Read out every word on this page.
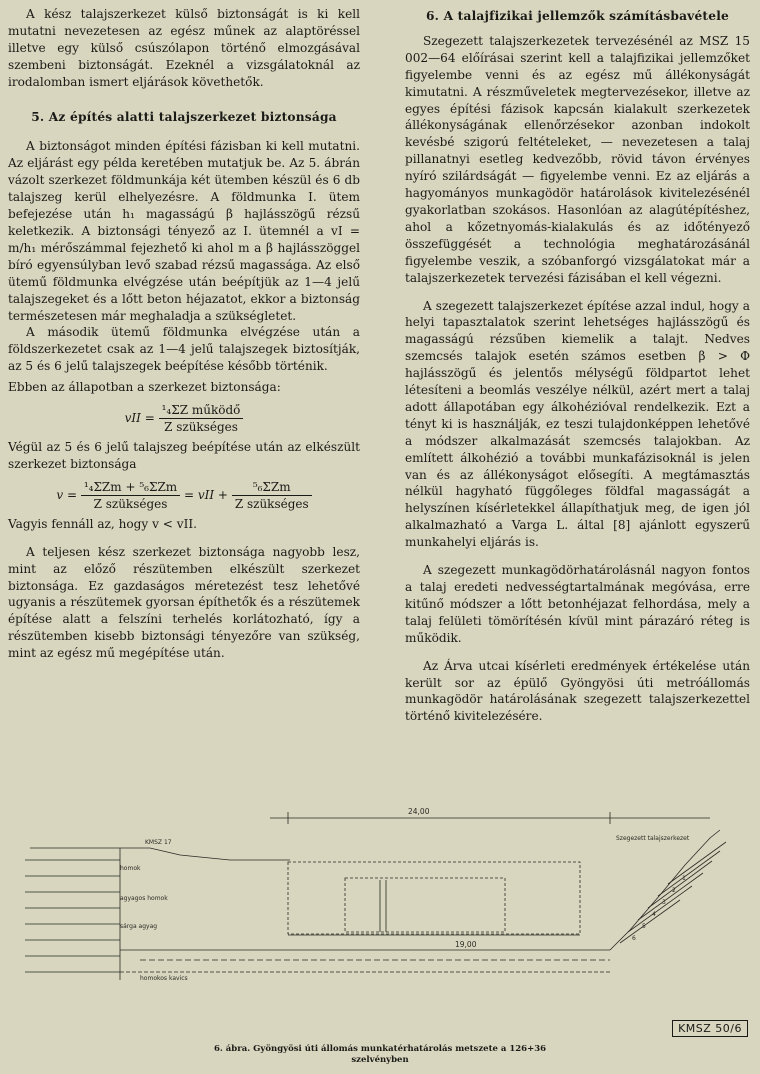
A kész talajszerkezet külső biztonságát is ki kell mutatni nevezetesen az egész műnek az alaptöréssel illetve egy külső csúszólapon történő elmozgásával szembeni biztonságát. Ezeknél a vizsgálatoknál az irodalomban ismert eljárások követhetők.

5. Az építés alatti talajszerkezet biztonsága

A biztonságot minden építési fázisban ki kell mutatni. Az eljárást egy példa keretében mutatjuk be. Az 5. ábrán vázolt szerkezet földmunkája két ütemben készül és 6 db talajszeg kerül elhelyezésre. A földmunka I. ütem befejezése után h₁ magasságú β hajlásszögű rézsű keletkezik. A biztonsági tényező az I. ütemnél a vI = m/h₁ mérőszámmal fejezhető ki ahol m a β hajlásszöggel bíró egyensúlyban levő szabad rézsű magassága. Az első ütemű földmunka elvégzése után beépítjük az 1—4 jelű talajszegeket és a lőtt beton héjazatot, ekkor a biztonság természetesen már meghaladja a szükségletet.

A második ütemű földmunka elvégzése után a földszerkezetet csak az 1—4 jelű talajszegek biztosítják, az 5 és 6 jelű talajszegek beépítése később történik.

Ebben az állapotban a szerkezet biztonsága:

vII = $\frac{\text{¹₄ΣZ működő}}{\text{Z szükséges}}$

Végül az 5 és 6 jelű talajszeg beépítése után az elkészült szerkezet biztonsága

$v = \frac{\text{¹₄ΣZm + ⁵₆ΣZm}}{\text{Z szükséges}}$ = vII + $\frac{\text{⁵₆ΣZm}}{\text{Z szükséges}}$

Vagyis fennáll az, hogy v < vII.

A teljesen kész szerkezet biztonsága nagyobb lesz, mint az előző részütemben elkészült szerkezet biztonsága. Ez gazdaságos méretezést tesz lehetővé ugyanis a részütemek gyorsan építhetők és a részütemek építése alatt a felszíni terhelés korlátozható, így a részütemben kisebb biztonsági tényezőre van szükség, mint az egész mű megépítése után.

6. A talajfizikai jellemzők számításbavétele

Szegezett talajszerkezetek tervezésénél az MSZ 15 002—64 előírásai szerint kell a talajfizikai jellemzőket figyelembe venni és az egész mű állékonyságát kimutatni. A részműveletek megtervezésekor, illetve az egyes építési fázisok kapcsán kialakult szerkezetek állékonyságának ellenőrzésekor azonban indokolt kevésbé szigorú feltételeket, — nevezetesen a talaj pillanatnyi esetleg kedvezőbb, rövid távon érvényes nyíró szilárdságát — figyelembe venni. Ez az eljárás a hagyományos munkagödör határolások kivitelezésénél gyakorlatban szokásos. Hasonlóan az alagútépítéshez, ahol a kőzetnyomás-kialakulás és az időtényező összefüggését a technológia meghatározásánál figyelembe veszik, a szóbanforgó vizsgálatokat már a talajszerkezetek tervezési fázisában el kell végezni.

A szegezett talajszerkezet építése azzal indul, hogy a helyi tapasztalatok szerint lehetséges hajlásszögű és magasságú rézsűben kiemelik a talajt. Nedves szemcsés talajok esetén számos esetben β > Φ hajlásszögű és jelentős mélységű földpartot lehet létesíteni a beomlás veszélye nélkül, azért mert a talaj adott állapotában egy álkohézióval rendelkezik. Ezt a tényt ki is használják, ez teszi tulajdonképpen lehetővé a módszer alkalmazását szemcsés talajokban. Az említett álkohézió a további munkafázisoknál is jelen van és az állékonyságot elősegíti. A megtámasztás nélkül hagyható függőleges földfal magasságát a helyszínen kísérletekkel állapíthatjuk meg, de igen jól alkalmazható a Varga L. által [8] ajánlott egyszerű munkahelyi eljárás is.

A szegezett munkagödörhatárolásnál nagyon fontos a talaj eredeti nedvességtartalmának megóvása, erre kitűnő módszer a lőtt betonhéjazat felhordása, mely a talaj felületi tömörítésén kívül mint párazáró réteg is működik.

Az Árva utcai kísérleti eredmények értékelése után került sor az épülő Gyöngyösi úti metróállomás munkagödör határolásának szegezett talajszerkezettel történő kivitelezésére.

24,00
19,00
KMSZ 17
homok
agyagos homok
sárga agyag
homokos kavics
Szegezett talajszerkezet
6
5
4
3
2
1
KMSZ 50/6
6. ábra. Gyöngyösi úti állomás munkatérhatárolás metszete a 126+36
szelvényben
